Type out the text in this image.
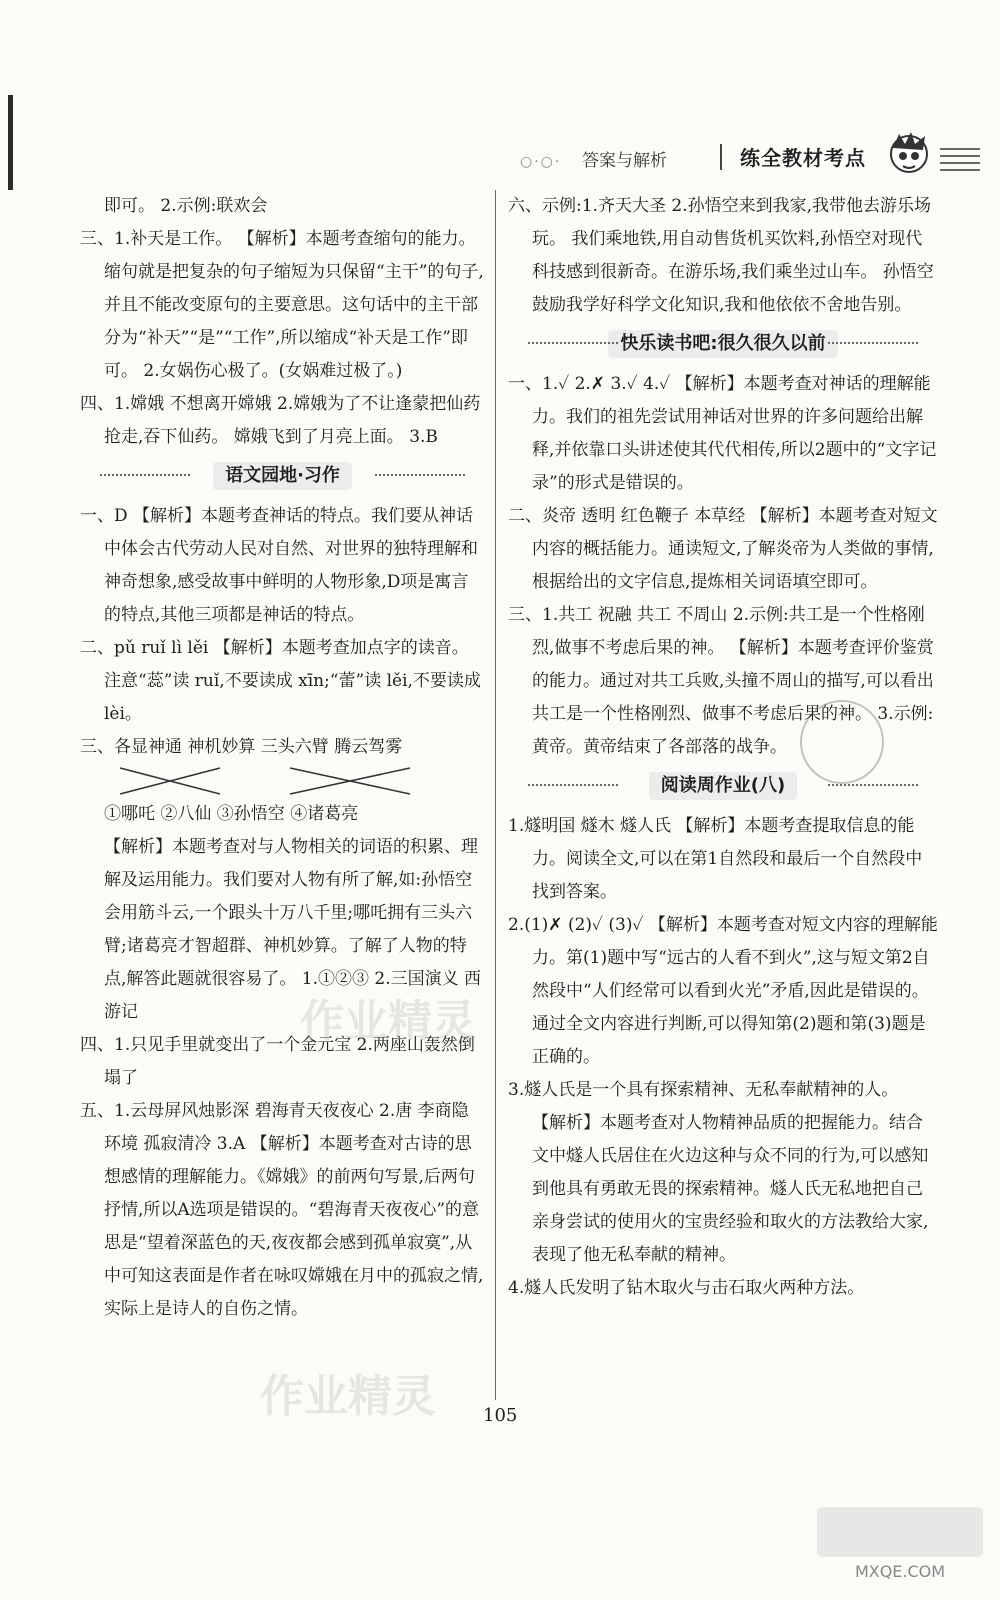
○·○· 答案与解析	练全教材考点

即可。 2.示例:联欢会

三、1.补天是工作。 【解析】本题考查缩句的能力。缩句就是把复杂的句子缩短为只保留“主干”的句子,并且不能改变原句的主要意思。这句话中的主干部分为“补天”“是”“工作”,所以缩成“补天是工作”即可。 2.女娲伤心极了。(女娲难过极了。)

四、1.嫦娥 不想离开嫦娥 2.嫦娥为了不让逢蒙把仙药抢走,吞下仙药。 嫦娥飞到了月亮上面。 3.B

语文园地·习作

一、D 【解析】本题考查神话的特点。我们要从神话中体会古代劳动人民对自然、对世界的独特理解和神奇想象,感受故事中鲜明的人物形象,D项是寓言的特点,其他三项都是神话的特点。

二、pǔ ruǐ lì lěi 【解析】本题考查加点字的读音。注意“蕊”读 ruǐ,不要读成 xīn;“蕾”读 lěi,不要读成 lèi。

三、各显神通 神机妙算 三头六臂 腾云驾雾

①哪吒 ②八仙 ③孙悟空 ④诸葛亮

【解析】本题考查对与人物相关的词语的积累、理解及运用能力。我们要对人物有所了解,如:孙悟空会用筋斗云,一个跟头十万八千里;哪吒拥有三头六臂;诸葛亮才智超群、神机妙算。了解了人物的特点,解答此题就很容易了。 1.①②③ 2.三国演义 西游记

四、1.只见手里就变出了一个金元宝 2.两座山轰然倒塌了

五、1.云母屏风烛影深 碧海青天夜夜心 2.唐 李商隐 环境 孤寂清冷 3.A 【解析】本题考查对古诗的思想感情的理解能力。《嫦娥》的前两句写景,后两句抒情,所以A选项是错误的。“碧海青天夜夜心”的意思是“望着深蓝色的天,夜夜都会感到孤单寂寞”,从中可知这表面是作者在咏叹嫦娥在月中的孤寂之情,实际上是诗人的自伤之情。

六、示例:1.齐天大圣 2.孙悟空来到我家,我带他去游乐场玩。 我们乘地铁,用自动售货机买饮料,孙悟空对现代科技感到很新奇。在游乐场,我们乘坐过山车。 孙悟空鼓励我学好科学文化知识,我和他依依不舍地告别。

快乐读书吧:很久很久以前

一、1.✓ 2.✗ 3.✓ 4.✓ 【解析】本题考查对神话的理解能力。我们的祖先尝试用神话对世界的许多问题给出解释,并依靠口头讲述使其代代相传,所以2题中的“文字记录”的形式是错误的。

二、炎帝 透明 红色鞭子 本草经 【解析】本题考查对短文内容的概括能力。通读短文,了解炎帝为人类做的事情,根据给出的文字信息,提炼相关词语填空即可。

三、1.共工 祝融 共工 不周山 2.示例:共工是一个性格刚烈,做事不考虑后果的神。 【解析】本题考查评价鉴赏的能力。通过对共工兵败,头撞不周山的描写,可以看出共工是一个性格刚烈、做事不考虑后果的神。 3.示例:黄帝。黄帝结束了各部落的战争。

阅读周作业(八)

1.燧明国 燧木 燧人氏 【解析】本题考查提取信息的能力。阅读全文,可以在第1自然段和最后一个自然段中找到答案。

2.(1)✗ (2)✓ (3)✓ 【解析】本题考查对短文内容的理解能力。第(1)题中写“远古的人看不到火”,这与短文第2自然段中“人们经常可以看到火光”矛盾,因此是错误的。通过全文内容进行判断,可以得知第(2)题和第(3)题是正确的。

3.燧人氏是一个具有探索精神、无私奉献精神的人。

【解析】本题考查对人物精神品质的把握能力。结合文中燧人氏居住在火边这种与众不同的行为,可以感知到他具有勇敢无畏的探索精神。燧人氏无私地把自己亲身尝试的使用火的宝贵经验和取火的方法教给大家,表现了他无私奉献的精神。

4.燧人氏发明了钻木取火与击石取火两种方法。

作业精灵
作业精灵	105
MXQE.COM
